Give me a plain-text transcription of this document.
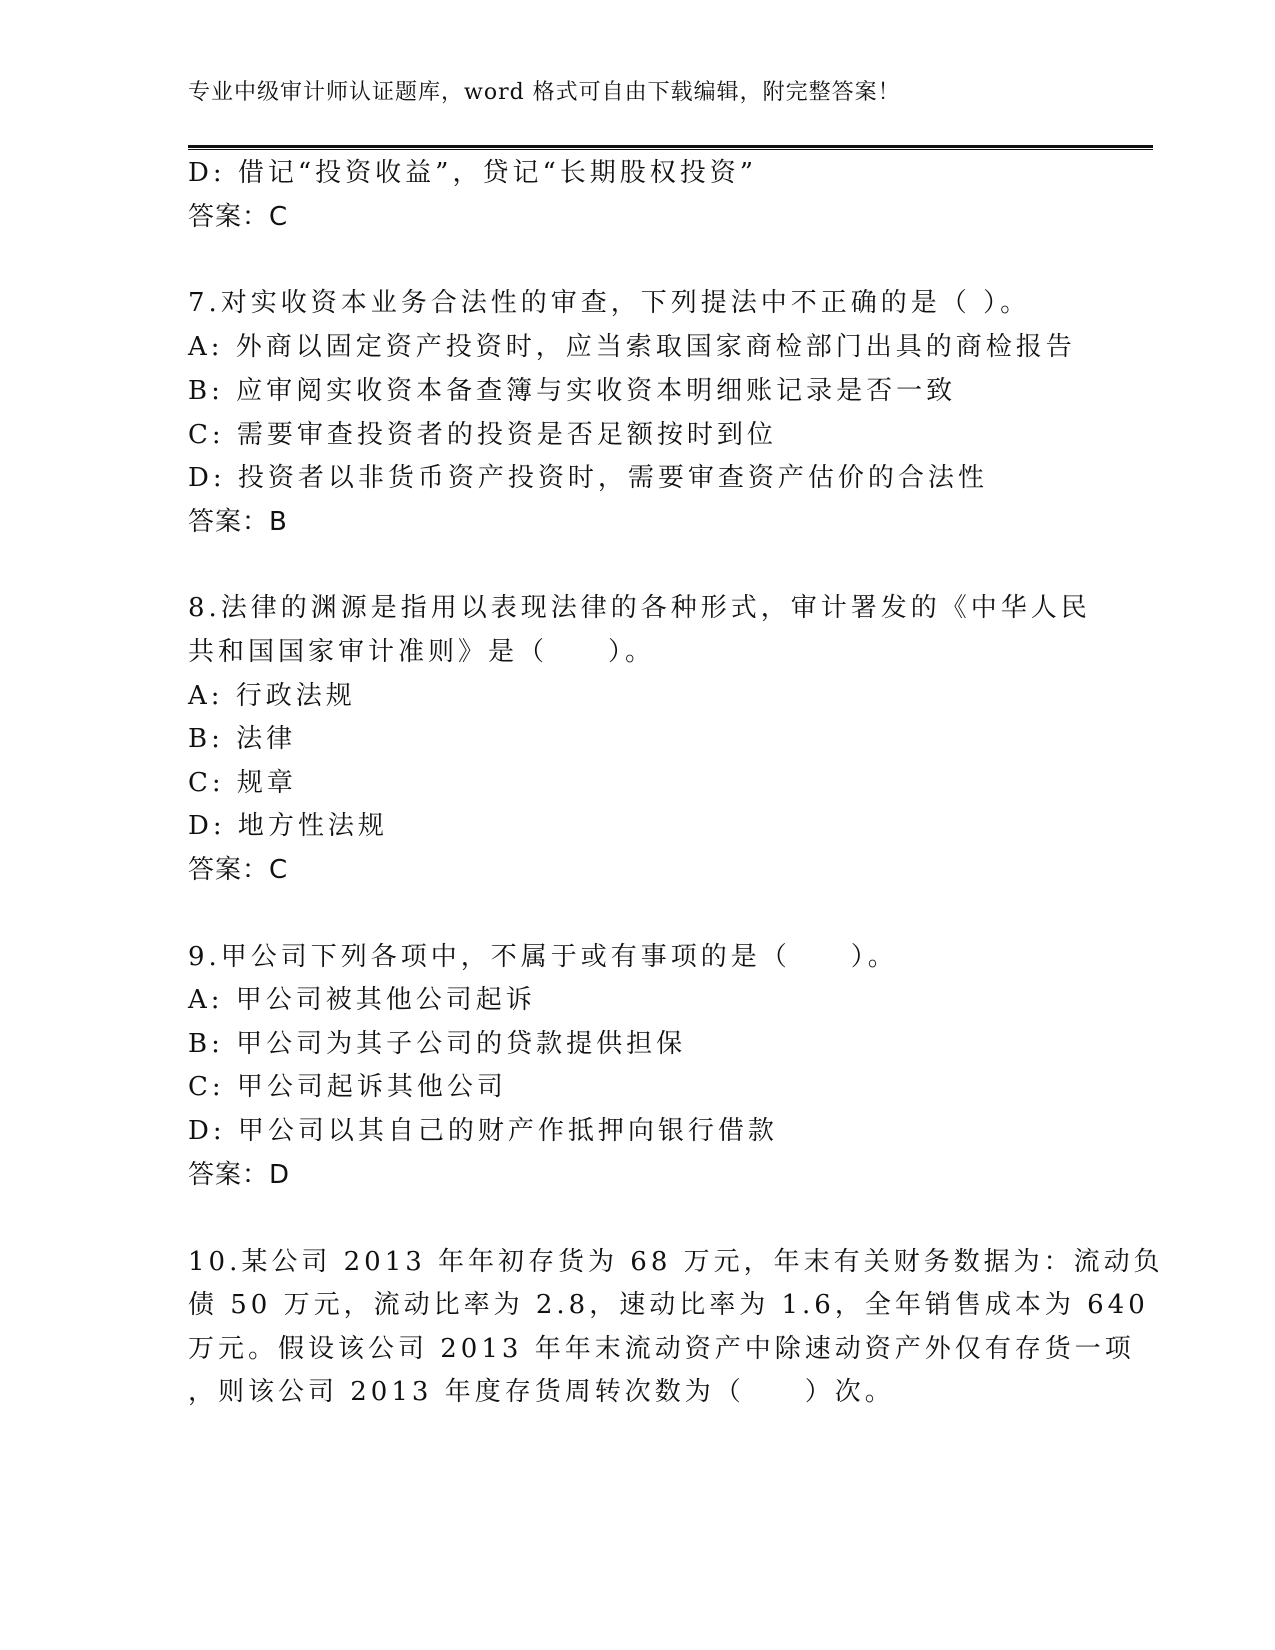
专业中级审计师认证题库，word 格式可自由下载编辑，附完整答案！
D: 借记“投资收益”，贷记“长期股权投资”
答案：C
7.对实收资本业务合法性的审查，下列提法中不正确的是（ ）。
A: 外商以固定资产投资时，应当索取国家商检部门出具的商检报告
B: 应审阅实收资本备查簿与实收资本明细账记录是否一致
C: 需要审查投资者的投资是否足额按时到位
D: 投资者以非货币资产投资时，需要审查资产估价的合法性
答案：B
8.法律的渊源是指用以表现法律的各种形式，审计署发的《中华人民
共和国国家审计准则》是（　　）。
A: 行政法规
B: 法律
C: 规章
D: 地方性法规
答案：C
9.甲公司下列各项中，不属于或有事项的是（　　）。
A: 甲公司被其他公司起诉
B: 甲公司为其子公司的贷款提供担保
C: 甲公司起诉其他公司
D: 甲公司以其自己的财产作抵押向银行借款
答案：D
10.某公司 2013 年年初存货为 68 万元，年末有关财务数据为：流动负
债 50 万元，流动比率为 2.8，速动比率为 1.6，全年销售成本为 640
万元。假设该公司 2013 年年末流动资产中除速动资产外仅有存货一项
，则该公司 2013 年度存货周转次数为（　　）次。
